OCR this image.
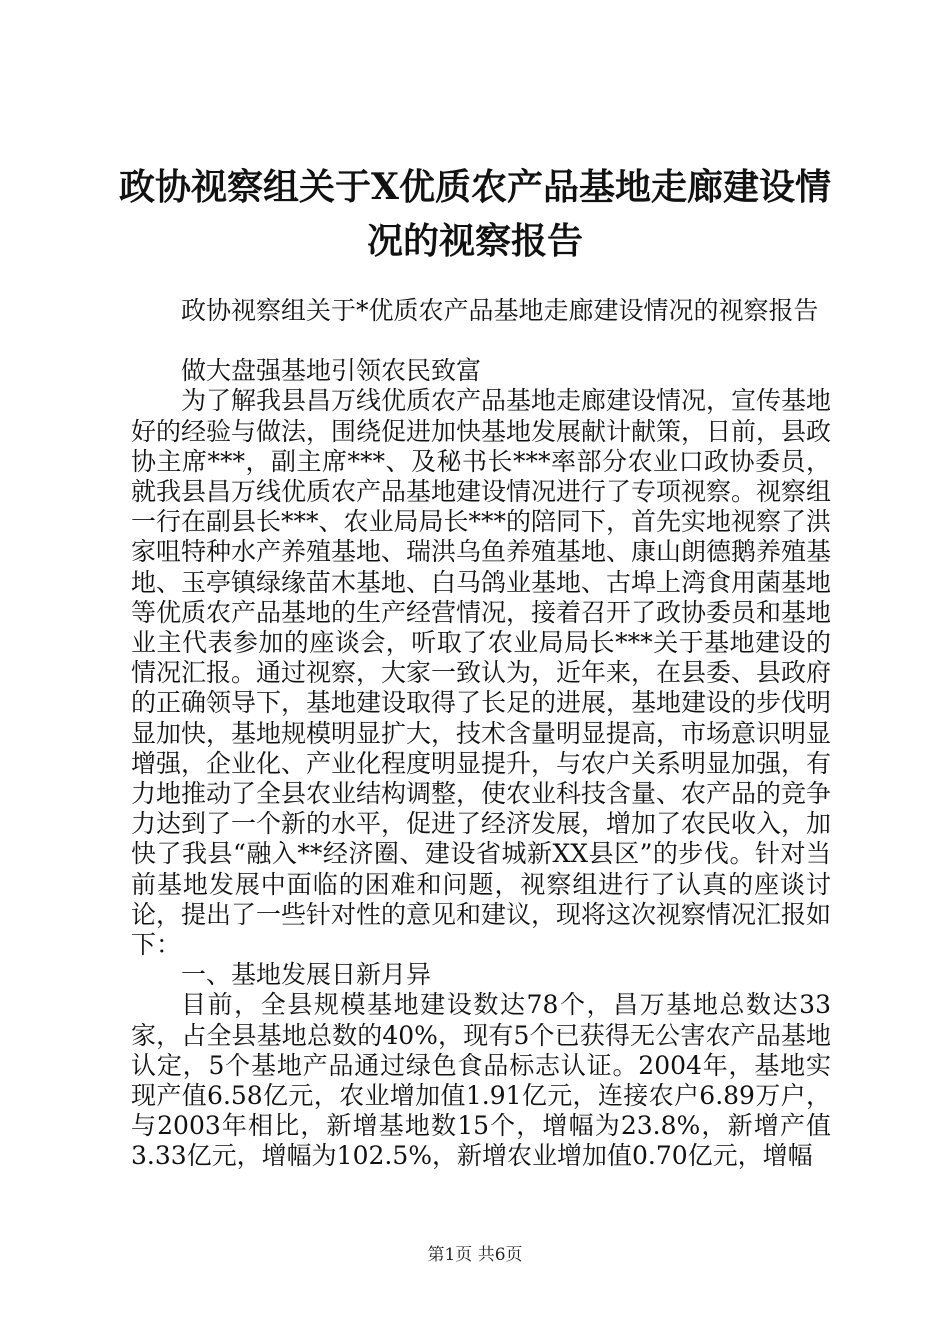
政协视察组关于X优质农产品基地走廊建设情况的视察报告

政协视察组关于*优质农产品基地走廊建设情况的视察报告

做大盘强基地引领农民致富

为了解我县昌万线优质农产品基地走廊建设情况，宣传基地好的经验与做法，围绕促进加快基地发展献计献策，日前，县政协主席***，副主席***、及秘书长***率部分农业口政协委员，就我县昌万线优质农产品基地建设情况进行了专项视察。视察组一行在副县长***、农业局局长***的陪同下，首先实地视察了洪家咀特种水产养殖基地、瑞洪乌鱼养殖基地、康山朗德鹅养殖基地、玉亭镇绿缘苗木基地、白马鸽业基地、古埠上湾食用菌基地等优质农产品基地的生产经营情况，接着召开了政协委员和基地业主代表参加的座谈会，听取了农业局局长***关于基地建设的情况汇报。通过视察，大家一致认为，近年来，在县委、县政府的正确领导下，基地建设取得了长足的进展，基地建设的步伐明显加快，基地规模明显扩大，技术含量明显提高，市场意识明显增强，企业化、产业化程度明显提升，与农户关系明显加强，有力地推动了全县农业结构调整，使农业科技含量、农产品的竞争力达到了一个新的水平，促进了经济发展，增加了农民收入，加快了我县“融入**经济圈、建设省城新XX县区”的步伐。针对当前基地发展中面临的困难和问题，视察组进行了认真的座谈讨论，提出了一些针对性的意见和建议，现将这次视察情况汇报如下：

一、基地发展日新月异

目前，全县规模基地建设数达78个，昌万基地总数达33家，占全县基地总数的40%，现有5个已获得无公害农产品基地认定，5个基地产品通过绿色食品标志认证。2004年，基地实现产值6.58亿元，农业增加值1.91亿元，连接农户6.89万户，与2003年相比，新增基地数15个，增幅为23.8%，新增产值3.33亿元，增幅为102.5%，新增农业增加值0.70亿元，增幅

第1页 共6页
